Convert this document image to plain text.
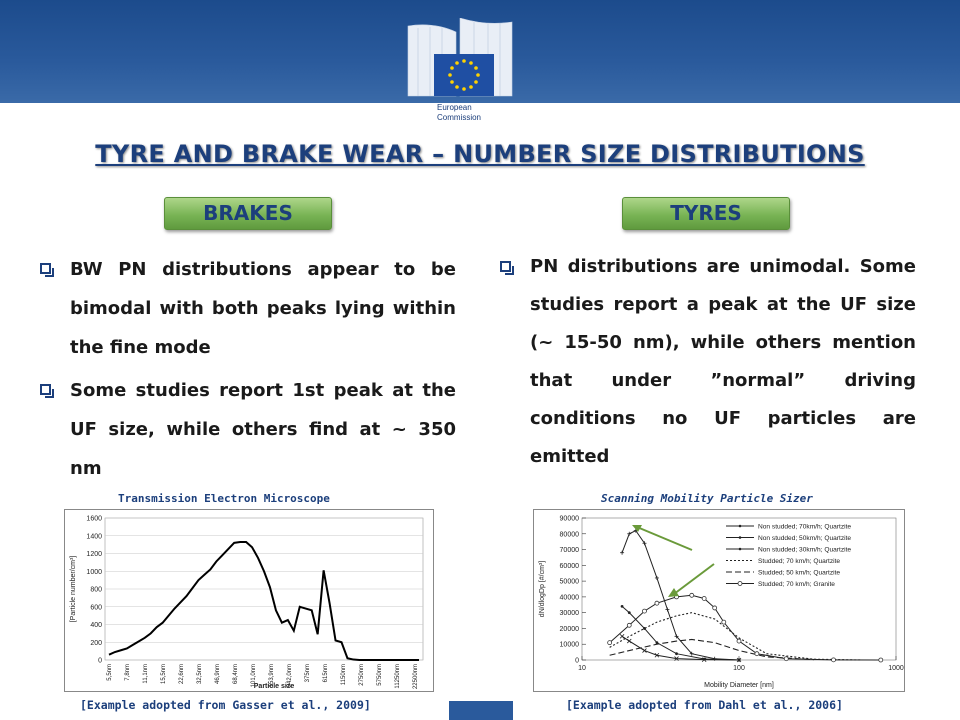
European
Commission
TYRE AND BRAKE WEAR – NUMBER SIZE DISTRIBUTIONS
BRAKES	TYRES
BW PN distributions appear to be bimodal with both peaks lying within the fine mode
Some studies report 1st peak at the UF size, while others find at ~ 350 nm
PN distributions are unimodal. Some studies report a peak at the UF size (~ 15-50 nm), while others mention that under ”normal” driving conditions no UF particles are emitted
Transmission Electron Microscope	Scanning Mobility Particle Sizer
0
200
400
600
800
1000
1200
1400
1600
5,5nm 7,8nm 11,1nm 15,5nm 22,6nm 32,5nm 46,9nm 68,4nm 101,0nm 153,9nm 242,0nm 375nm 615nm 1150nm 2750nm 5750nm 11250nm 22500nm
[Particle number/cm³]
Particle size
0
10000
20000
30000
40000
50000
60000
70000
80000
90000
10	100	1000
Non studded; 70km/h; Quartzite
Non studded; 50km/h; Quartzite
Non studded; 30km/h; Quartzite
Studded; 70 km/h; Quartzite
Studded; 50 km/h; Quartzite
Studded; 70 km/h; Granite
dN/dlogDp [#/cm³]
Mobility Diameter [nm]
[Example adopted from Gasser et al., 2009]	[Example adopted from Dahl et al., 2006]
